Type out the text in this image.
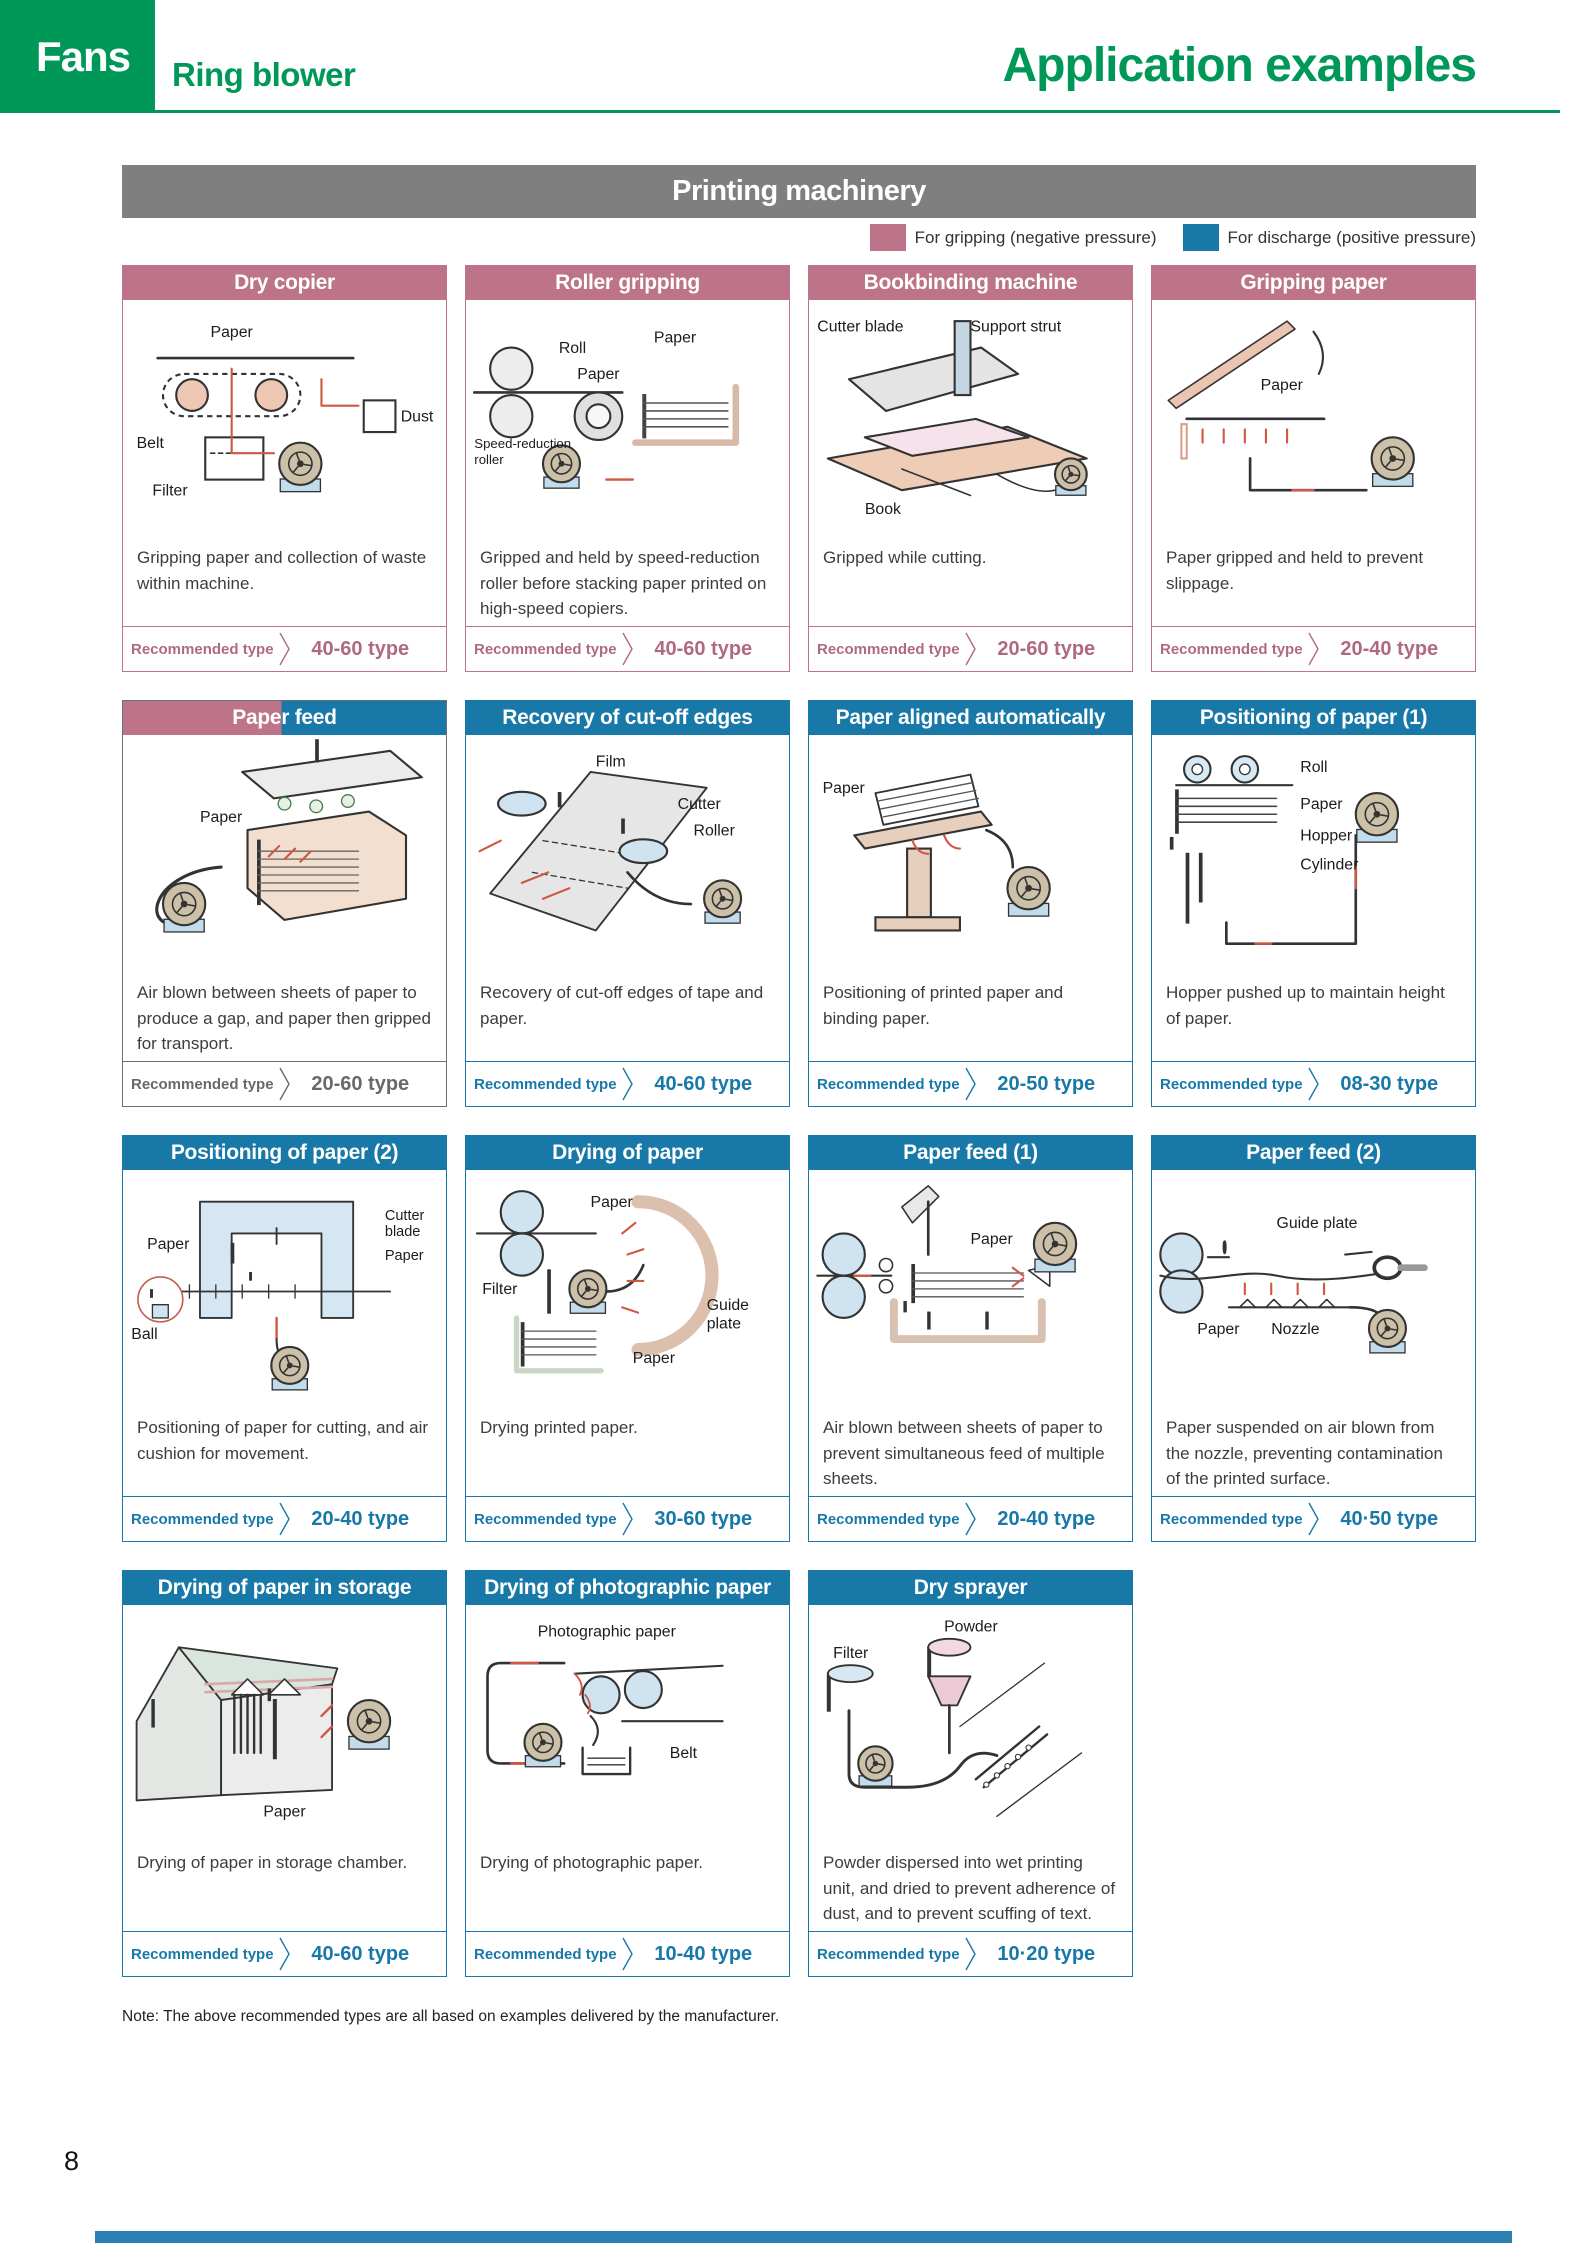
Fans Ring blower	Application examples
Printing machinery
For gripping (negative pressure)	For discharge (positive pressure)
Dry copier
Paper
Dust
Belt
Filter

Gripping paper and collection of waste within machine.

Recommended type	40-60 type
Roller gripping
Roll
Paper
Paper
Speed-reduction
roller

Gripped and held by speed-reduction roller before stacking paper printed on high-speed copiers.

Recommended type	40-60 type
Bookbinding machine
Cutter blade	Support strut
Book

Gripped while cutting.

Recommended type	20-60 type
Gripping paper
Paper

Paper gripped and held to prevent slippage.

Recommended type	20-40 type
Paper feed
Paper

Air blown between sheets of paper to produce a gap, and paper then gripped for transport.

Recommended type	20-60 type
Recovery of cut-off edges
Film
Cutter
Roller

Recovery of cut-off edges of tape and paper.

Recommended type	40-60 type
Paper aligned automatically
Paper

Positioning of printed paper and binding paper.

Recommended type	20-50 type
Positioning of paper (1)
Roll
Paper
Hopper
Cylinder

Hopper pushed up to maintain height of paper.

Recommended type	08-30 type
Positioning of paper (2)
Paper
Cutter
blade
Paper
Ball

Positioning of paper for cutting, and air cushion for movement.

Recommended type	20-40 type
Drying of paper
Paper
Filter
Guide
plate
Paper

Drying printed paper.

Recommended type	30-60 type
Paper feed (1)
Paper

Air blown between sheets of paper to prevent simultaneous feed of multiple sheets.

Recommended type	20-40 type
Paper feed (2)
Guide plate
Paper	Nozzle

Paper suspended on air blown from the nozzle, preventing contamination of the printed surface.

Recommended type	40·50 type
Drying of paper in storage
Paper

Drying of paper in storage chamber.

Recommended type	40-60 type
Drying of photographic paper
Photographic paper
Belt

Drying of photographic paper.

Recommended type	10-40 type
Dry sprayer
Filter
Powder

Powder dispersed into wet printing unit, and dried to prevent adherence of dust, and to prevent scuffing of text.

Recommended type	10·20 type

Note: The above recommended types are all based on examples delivered by the manufacturer.

8
